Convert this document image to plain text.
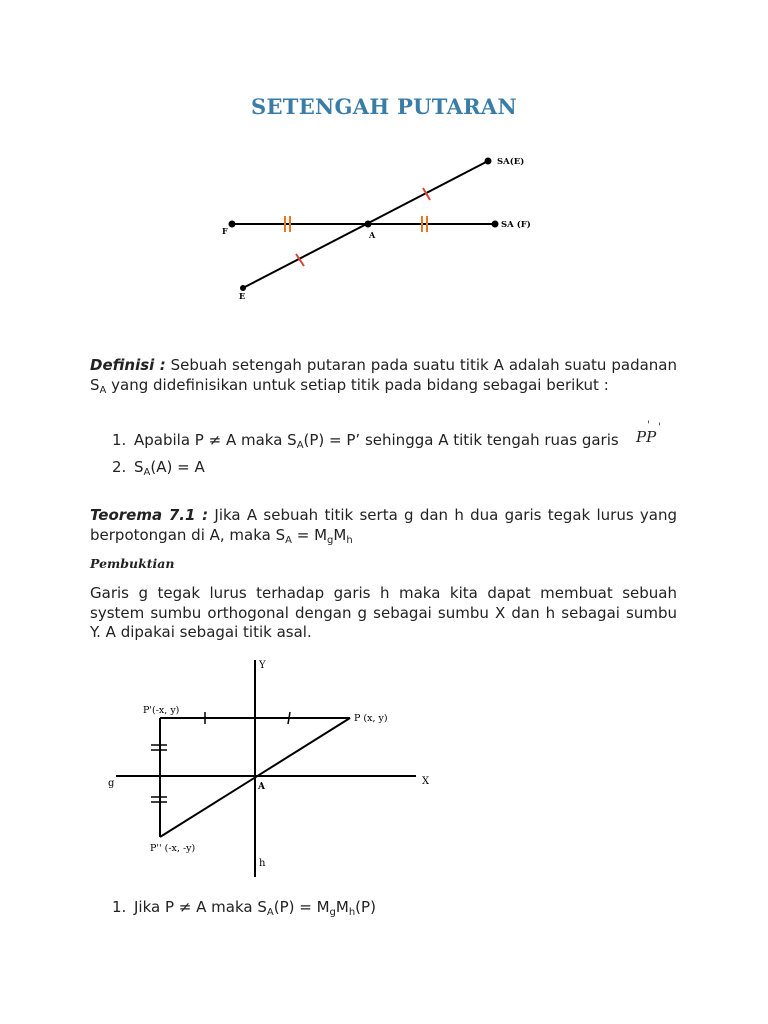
SETENGAH PUTARAN
SA(E)
SA (F)
F	A
E
Definisi : Sebuah setengah putaran pada suatu titik A adalah suatu padanan $S_A$ yang didefinisikan untuk setiap titik pada bidang sebagai berikut :
1. Apabila P ≠ A maka $S_A(P) = P$’ sehingga A titik tengah ruas garis PP
' '
2. $S_A(A) = A$
Teorema 7.1 : Jika A sebuah titik serta g dan h dua garis tegak lurus yang berpotongan di A, maka $S_A = M_gM_h$
Pembuktian
Garis g tegak lurus terhadap garis h maka kita dapat membuat sebuah system sumbu orthogonal dengan g sebagai sumbu X dan h sebagai sumbu Y. A dipakai sebagai titik asal.
Y
X
g
h
A
P (x, y)
P'(-x, y)
P'' (-x, -y)
1. Jika P ≠ A maka $S_A(P) = M_gM_h(P)$
